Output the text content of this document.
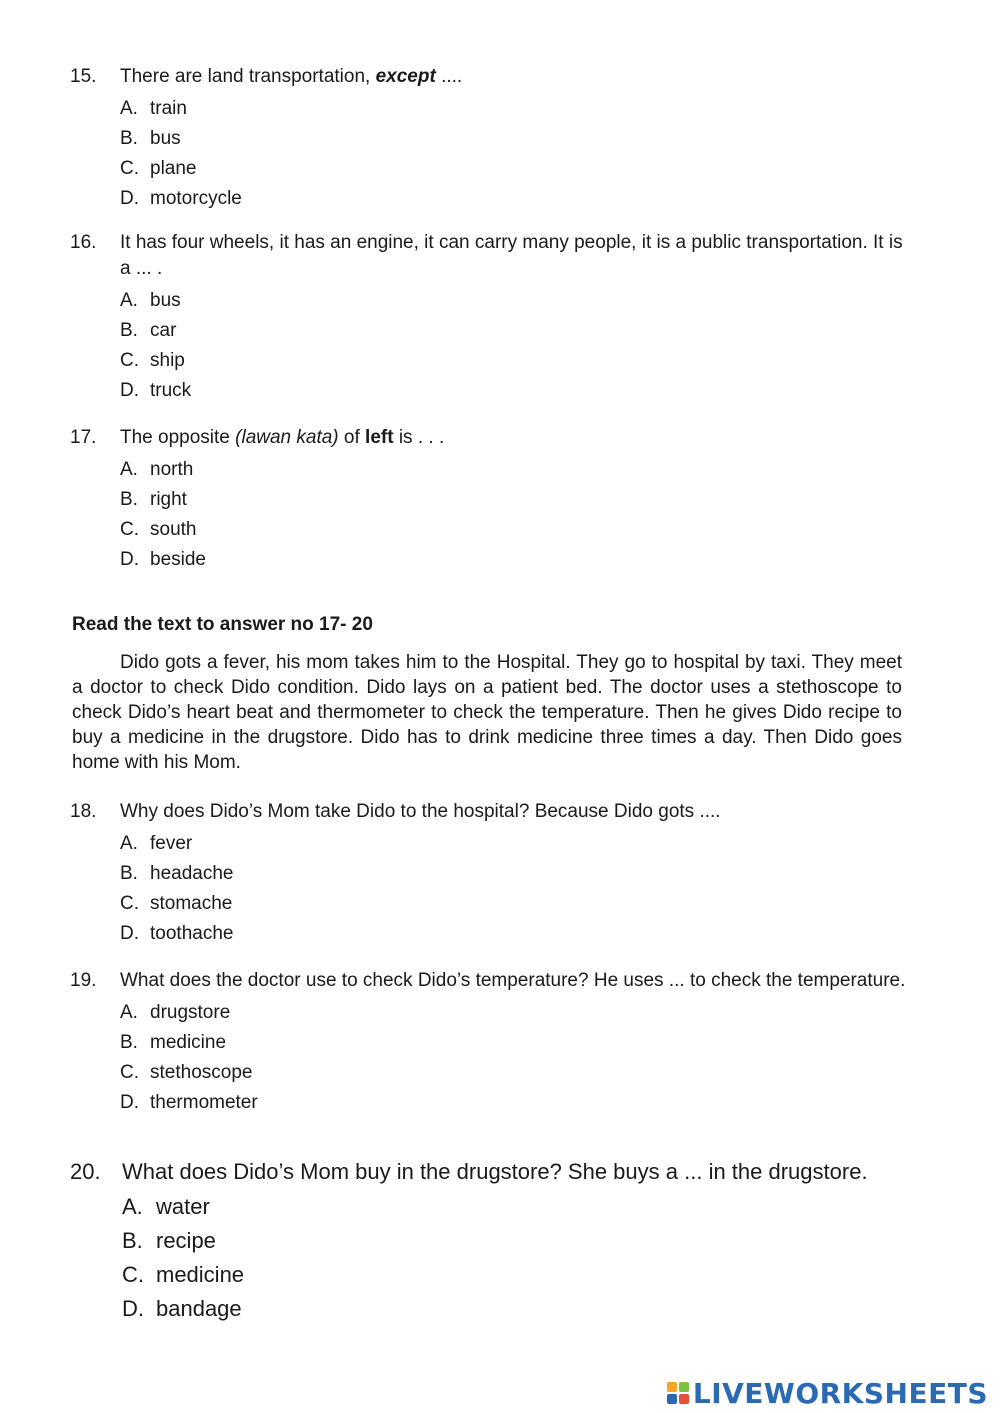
15.	There are land transportation, except ....
A. train
B. bus
C. plane
D. motorcycle
16.	It has four wheels, it has an engine, it can carry many people, it is a public transportation. It is a ... .
A. bus
B. car
C. ship
D. truck
17.	The opposite (lawan kata) of left is . . .
A. north
B. right
C. south
D. beside
Read the text to answer no 17- 20
Dido gots a fever, his mom takes him to the Hospital. They go to hospital by taxi. They meet a doctor to check Dido condition. Dido lays on a patient bed. The doctor uses a stethoscope to check Dido’s heart beat and thermometer to check the temperature. Then he gives Dido recipe to buy a medicine in the drugstore. Dido has to drink medicine three times a day. Then Dido goes home with his Mom.
18.	Why does Dido’s Mom take Dido to the hospital? Because Dido gots ....
A. fever
B. headache
C. stomache
D. toothache
19.	What does the doctor use to check Dido’s temperature? He uses ... to check the temperature.
A. drugstore
B. medicine
C. stethoscope
D. thermometer
20. What does Dido’s Mom buy in the drugstore? She buys a ... in the drugstore.
A. water
B. recipe
C. medicine
D. bandage
LIVEWORKSHEETS
